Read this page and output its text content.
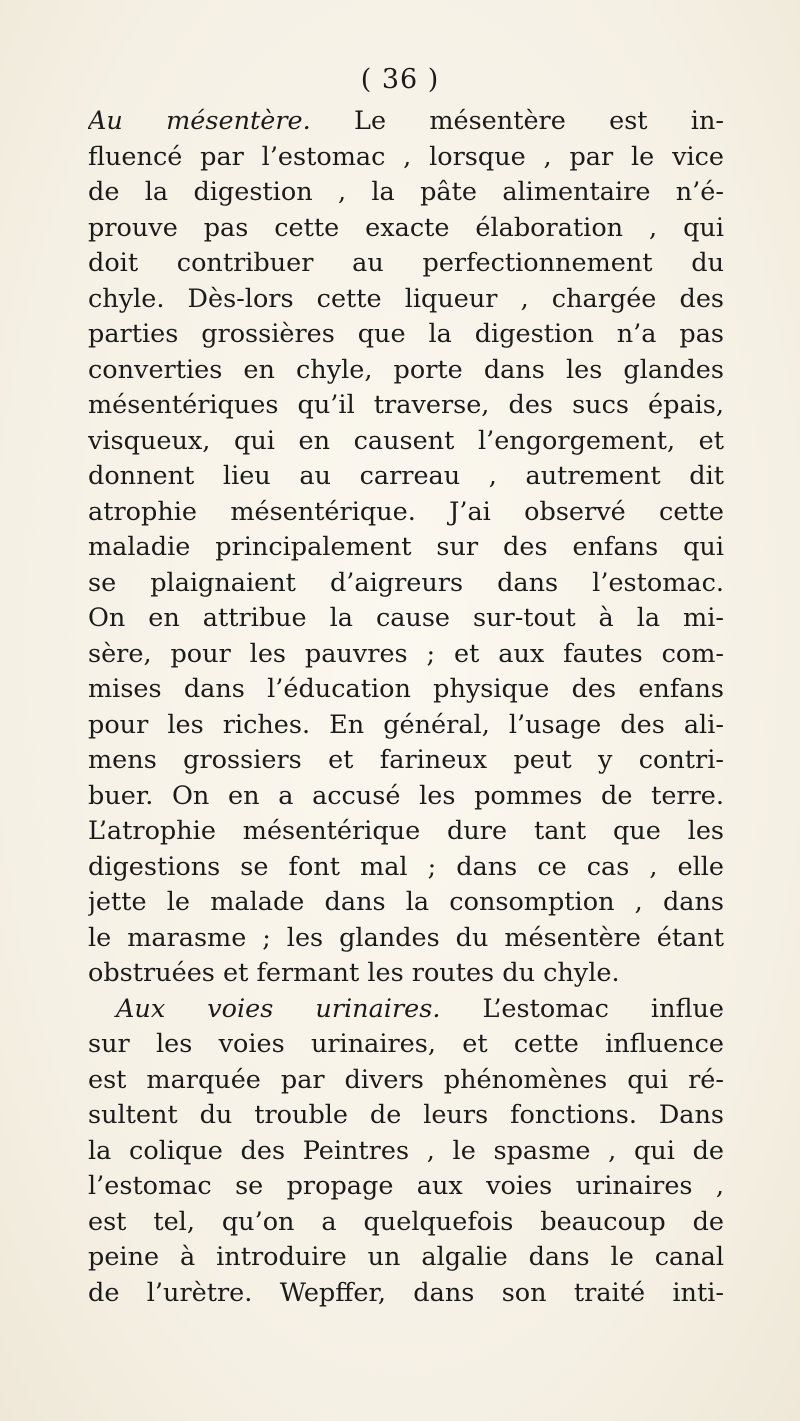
( 36 )
Au mésentère. Le mésentère est in-
fluencé par l’estomac , lorsque , par le vice
de la digestion , la pâte alimentaire n’é-
prouve pas cette exacte élaboration , qui
doit contribuer au perfectionnement du
chyle. Dès-lors cette liqueur , chargée des
parties grossières que la digestion n’a pas
converties en chyle, porte dans les glandes
mésentériques qu’il traverse, des sucs épais,
visqueux, qui en causent l’engorgement, et
donnent lieu au carreau , autrement dit
atrophie mésentérique. J’ai observé cette
maladie principalement sur des enfans qui
se plaignaient d’aigreurs dans l’estomac.
On en attribue la cause sur-tout à la mi-
sère, pour les pauvres ; et aux fautes com-
mises dans l’éducation physique des enfans
pour les riches. En général, l’usage des ali-
mens grossiers et farineux peut y contri-
buer. On en a accusé les pommes de terre.
L’atrophie mésentérique dure tant que les
digestions se font mal ; dans ce cas , elle
jette le malade dans la consomption , dans
le marasme ; les glandes du mésentère étant
obstruées et fermant les routes du chyle.
Aux voies urinaires. L’estomac influe
sur les voies urinaires, et cette influence
est marquée par divers phénomènes qui ré-
sultent du trouble de leurs fonctions. Dans
la colique des Peintres , le spasme , qui de
l’estomac se propage aux voies urinaires ,
est tel, qu’on a quelquefois beaucoup de
peine à introduire un algalie dans le canal
de l’urètre. Wepffer, dans son traité inti-
